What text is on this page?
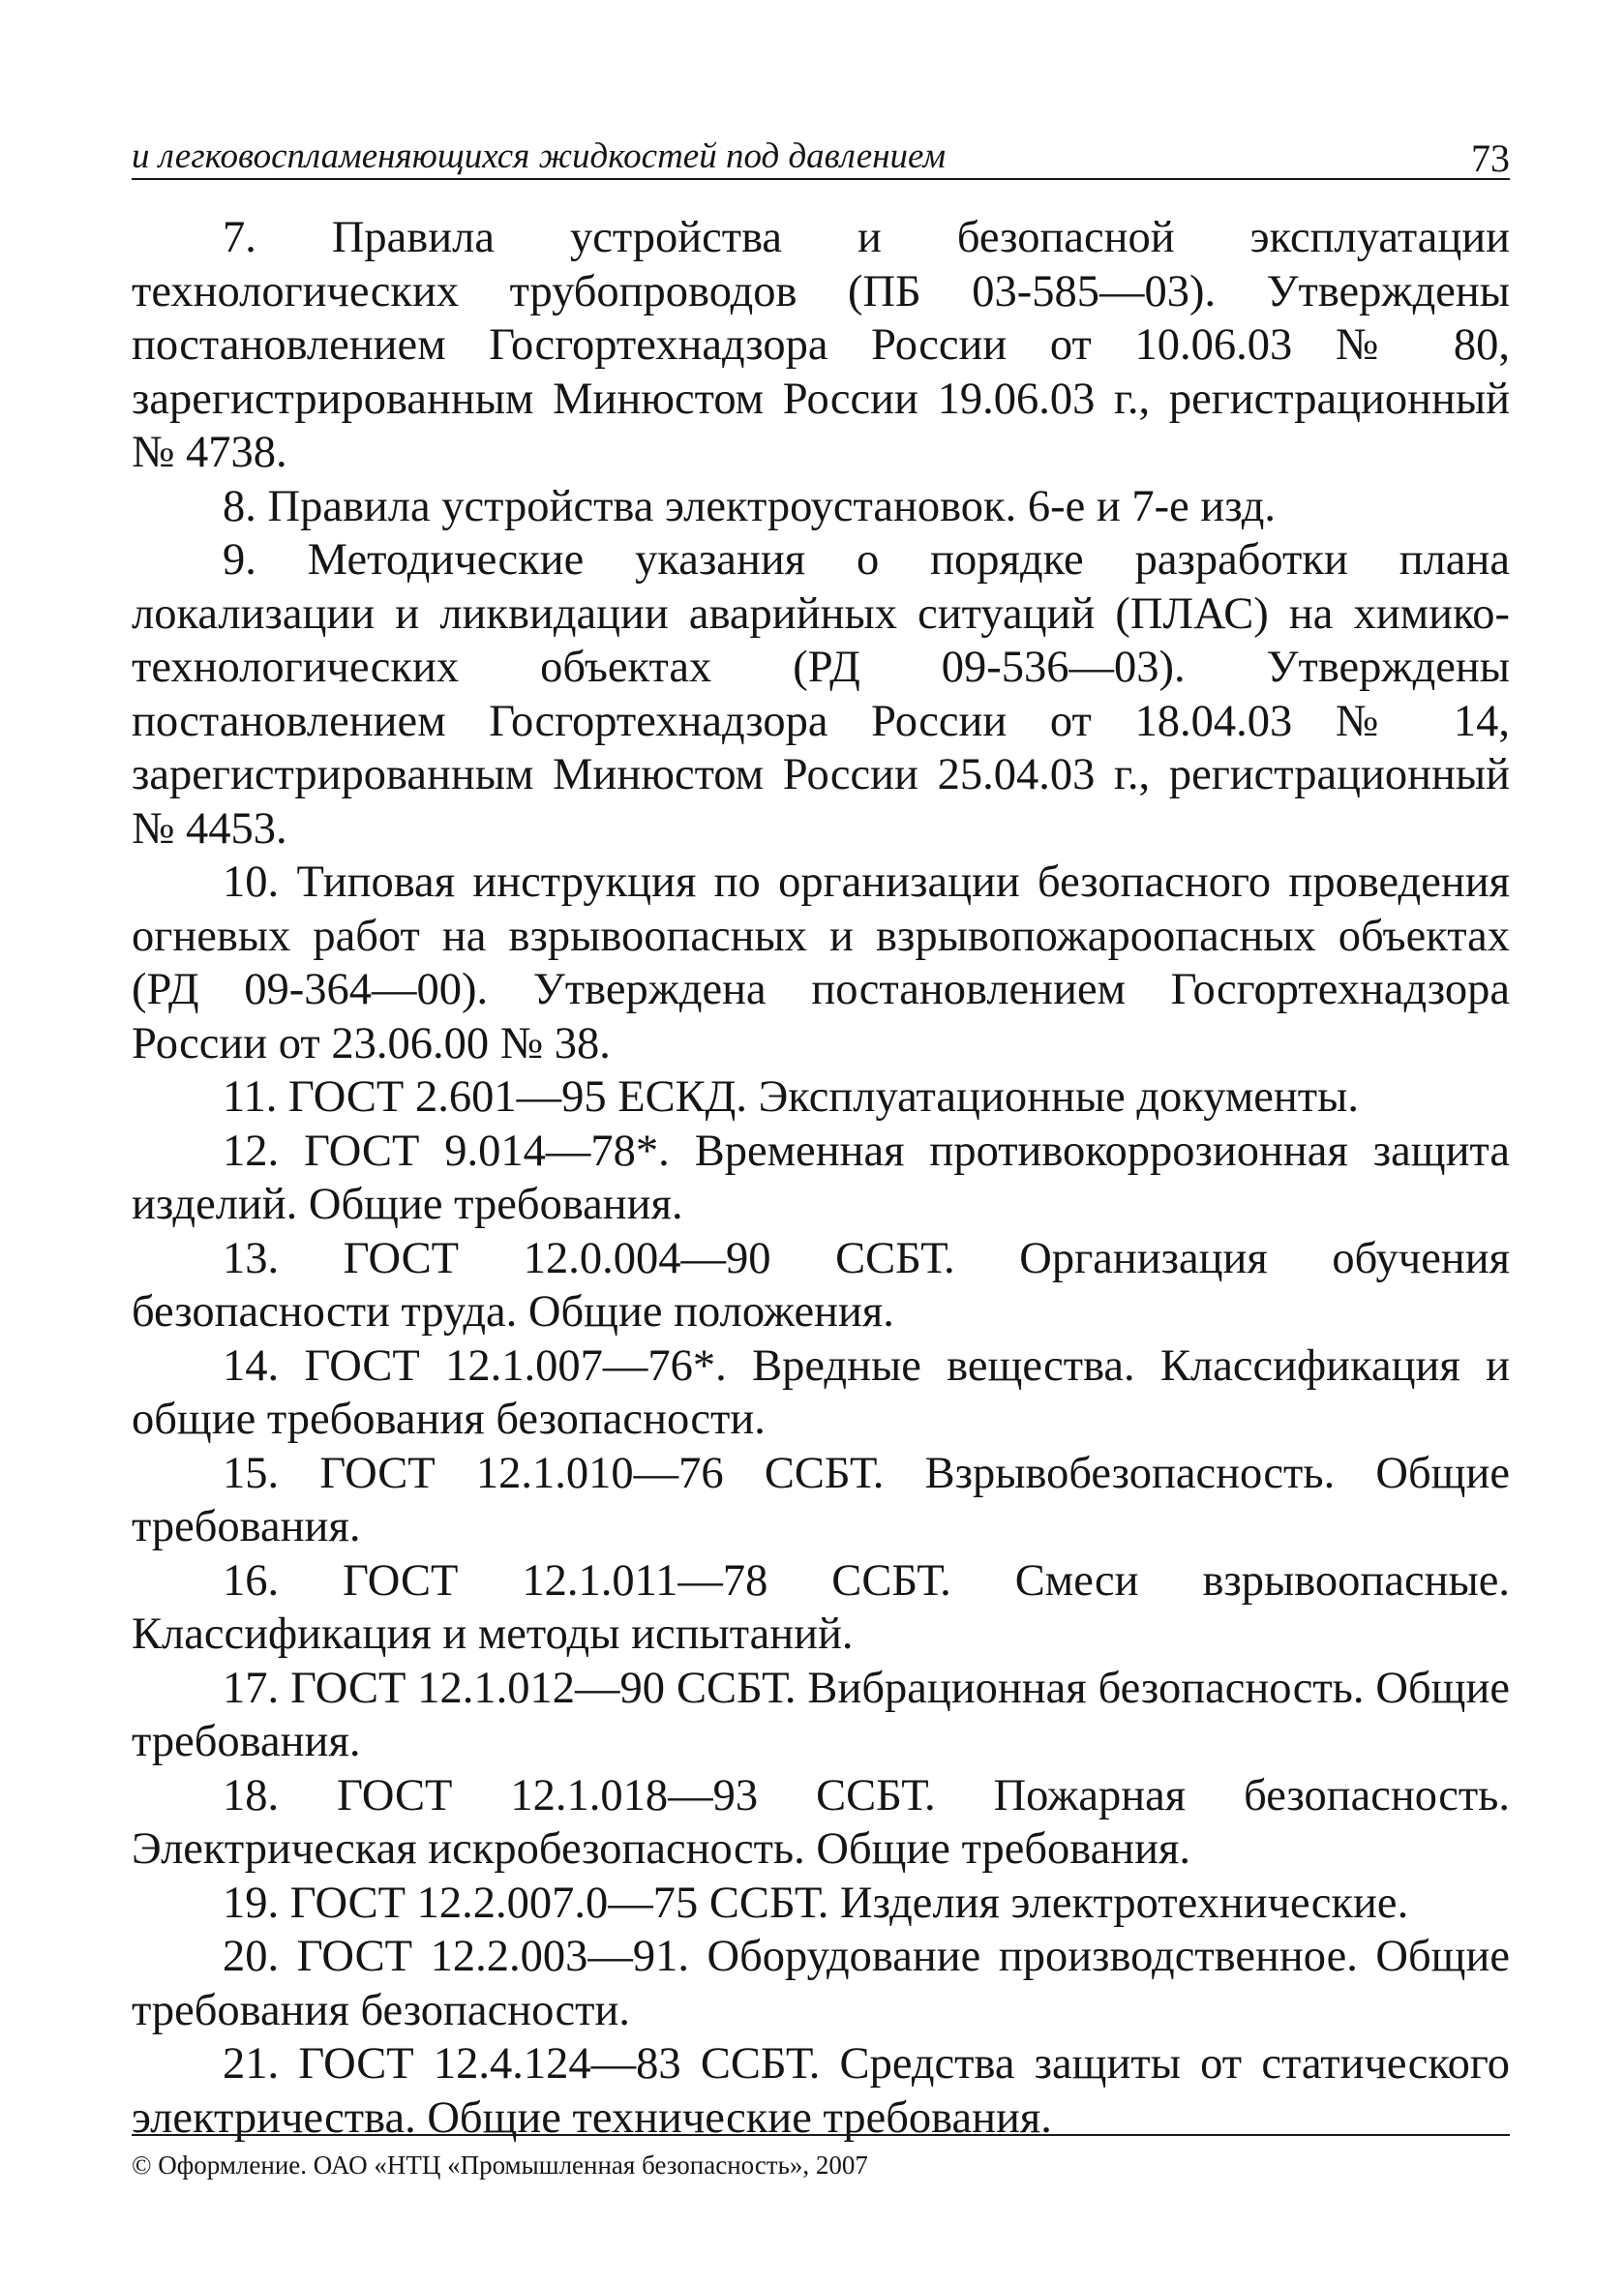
и легковоспламеняющихся жидкостей под давлением	73

7. Правила устройства и безопасной эксплуатации технологических трубопроводов (ПБ 03-585—03). Утверждены постановлением Госгортехнадзора России от 10.06.03 № 80, зарегистрированным Минюстом России 19.06.03 г., регистрационный № 4738.

8. Правила устройства электроустановок. 6-е и 7-е изд.

9. Методические указания о порядке разработки плана локализации и ликвидации аварийных ситуаций (ПЛАС) на химико-технологических объектах (РД 09-536—03). Утверждены постановлением Госгортехнадзора России от 18.04.03 № 14, зарегистрированным Минюстом России 25.04.03 г., регистрационный № 4453.

10. Типовая инструкция по организации безопасного проведения огневых работ на взрывоопасных и взрывопожароопасных объектах (РД 09-364—00). Утверждена постановлением Госгортехнадзора России от 23.06.00 № 38.

11. ГОСТ 2.601—95 ЕСКД. Эксплуатационные документы.

12. ГОСТ 9.014—78*. Временная противокоррозионная защита изделий. Общие требования.

13. ГОСТ 12.0.004—90 ССБТ. Организация обучения безопасности труда. Общие положения.

14. ГОСТ 12.1.007—76*. Вредные вещества. Классификация и общие требования безопасности.

15. ГОСТ 12.1.010—76 ССБТ. Взрывобезопасность. Общие требования.

16. ГОСТ 12.1.011—78 ССБТ. Смеси взрывоопасные. Классификация и методы испытаний.

17. ГОСТ 12.1.012—90 ССБТ. Вибрационная безопасность. Общие требования.

18. ГОСТ 12.1.018—93 ССБТ. Пожарная безопасность. Электрическая искробезопасность. Общие требования.

19. ГОСТ 12.2.007.0—75 ССБТ. Изделия электротехнические.

20. ГОСТ 12.2.003—91. Оборудование производственное. Общие требования безопасности.

21. ГОСТ 12.4.124—83 ССБТ. Средства защиты от статического электричества. Общие технические требования.

© Оформление. ОАО «НТЦ «Промышленная безопасность», 2007
